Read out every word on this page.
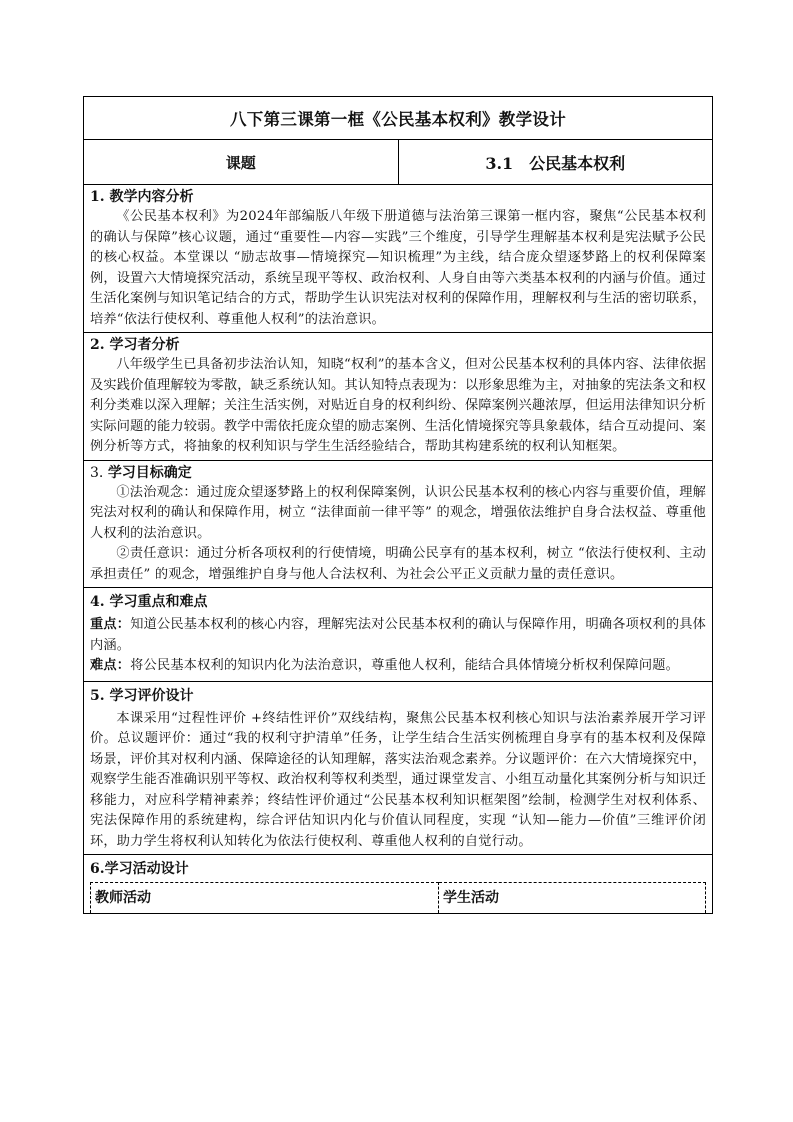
八下第三课第一框《公民基本权利》教学设计
课题	3.1　公民基本权利

1. 教学内容分析

《公民基本权利》为2024年部编版八年级下册道德与法治第三课第一框内容，聚焦“公民基本权利的确认与保障”核心议题，通过“重要性—内容—实践”三个维度，引导学生理解基本权利是宪法赋予公民的核心权益。本堂课以 “励志故事—情境探究—知识梳理”为主线，结合庞众望逐梦路上的权利保障案例，设置六大情境探究活动，系统呈现平等权、政治权利、人身自由等六类基本权利的内涵与价值。通过生活化案例与知识笔记结合的方式，帮助学生认识宪法对权利的保障作用，理解权利与生活的密切联系，培养“依法行使权利、尊重他人权利”的法治意识。

2. 学习者分析

八年级学生已具备初步法治认知，知晓“权利”的基本含义，但对公民基本权利的具体内容、法律依据及实践价值理解较为零散，缺乏系统认知。其认知特点表现为：以形象思维为主，对抽象的宪法条文和权利分类难以深入理解；关注生活实例，对贴近自身的权利纠纷、保障案例兴趣浓厚，但运用法律知识分析实际问题的能力较弱。教学中需依托庞众望的励志案例、生活化情境探究等具象载体，结合互动提问、案例分析等方式，将抽象的权利知识与学生生活经验结合，帮助其构建系统的权利认知框架。

3. 学习目标确定

①法治观念：通过庞众望逐梦路上的权利保障案例，认识公民基本权利的核心内容与重要价值，理解宪法对权利的确认和保障作用，树立 “法律面前一律平等” 的观念，增强依法维护自身合法权益、尊重他人权利的法治意识。

②责任意识：通过分析各项权利的行使情境，明确公民享有的基本权利，树立 “依法行使权利、主动承担责任” 的观念，增强维护自身与他人合法权利、为社会公平正义贡献力量的责任意识。

4. 学习重点和难点

重点：知道公民基本权利的核心内容，理解宪法对公民基本权利的确认与保障作用，明确各项权利的具体内涵。

难点：将公民基本权利的知识内化为法治意识，尊重他人权利，能结合具体情境分析权利保障问题。

5. 学习评价设计

本课采用“过程性评价 +终结性评价”双线结构，聚焦公民基本权利核心知识与法治素养展开学习评价。总议题评价：通过“我的权利守护清单”任务，让学生结合生活实例梳理自身享有的基本权利及保障场景，评价其对权利内涵、保障途径的认知理解，落实法治观念素养。分议题评价：在六大情境探究中，观察学生能否准确识别平等权、政治权利等权利类型，通过课堂发言、小组互动量化其案例分析与知识迁移能力，对应科学精神素养；终结性评价通过“公民基本权利知识框架图”绘制，检测学生对权利体系、宪法保障作用的系统建构，综合评估知识内化与价值认同程度，实现 “认知—能力—价值”三维评价闭环，助力学生将权利认知转化为依法行使权利、尊重他人权利的自觉行动。

6.学习活动设计

教师活动	学生活动
